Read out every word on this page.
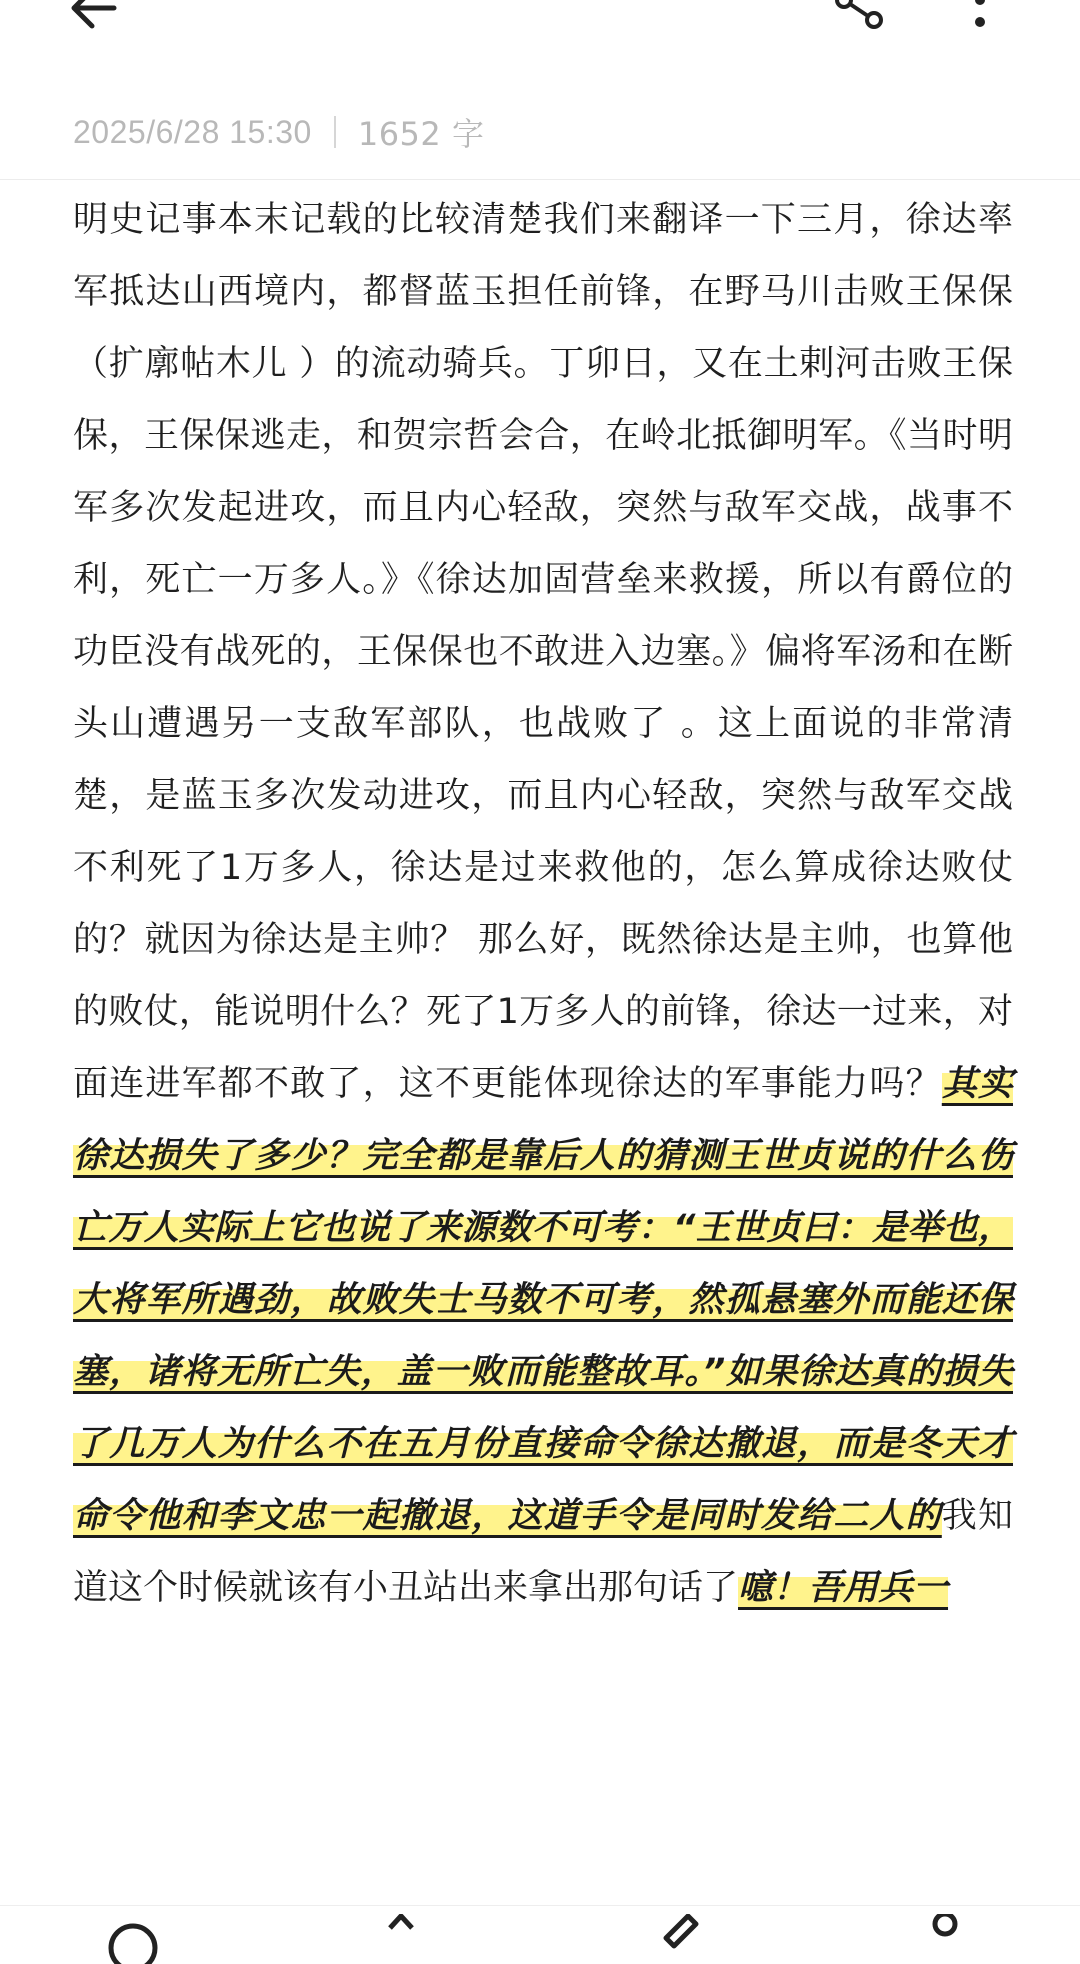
2025/6/28 15:30 1652 字
明史记事本末记载的比较清楚我们来翻译一下三月，徐达率军抵达山西境内，都督蓝玉担任前锋，在野马川击败王保保（扩廓帖木儿 ）的流动骑兵。丁卯日，又在土剌河击败王保保，王保保逃走，和贺宗哲会合，在岭北抵御明军。《当时明军多次发起进攻，而且内心轻敌，突然与敌军交战，战事不利，死亡一万多人。》《徐达加固营垒来救援，所以有爵位的功臣没有战死的，王保保也不敢进入边塞。》偏将军汤和在断头山遭遇另一支敌军部队，也战败了 。这上面说的非常清楚，是蓝玉多次发动进攻，而且内心轻敌，突然与敌军交战不利死了1万多人，徐达是过来救他的，怎么算成徐达败仗的？就因为徐达是主帅？ 那么好，既然徐达是主帅，也算他的败仗，能说明什么？死了1万多人的前锋，徐达一过来，对面连进军都不敢了，这不更能体现徐达的军事能力吗？其实徐达损失了多少？完全都是靠后人的猜测王世贞说的什么伤亡万人实际上它也说了来源数不可考：“王世贞曰：是举也，大将军所遇劲，故败失士马数不可考，然孤悬塞外而能还保塞，诸将无所亡失，盖一败而能整故耳。”如果徐达真的损失了几万人为什么不在五月份直接命令徐达撤退，而是冬天才命令他和李文忠一起撤退，这道手令是同时发给二人的我知道这个时候就该有小丑站出来拿出那句话了噫！吾用兵一
